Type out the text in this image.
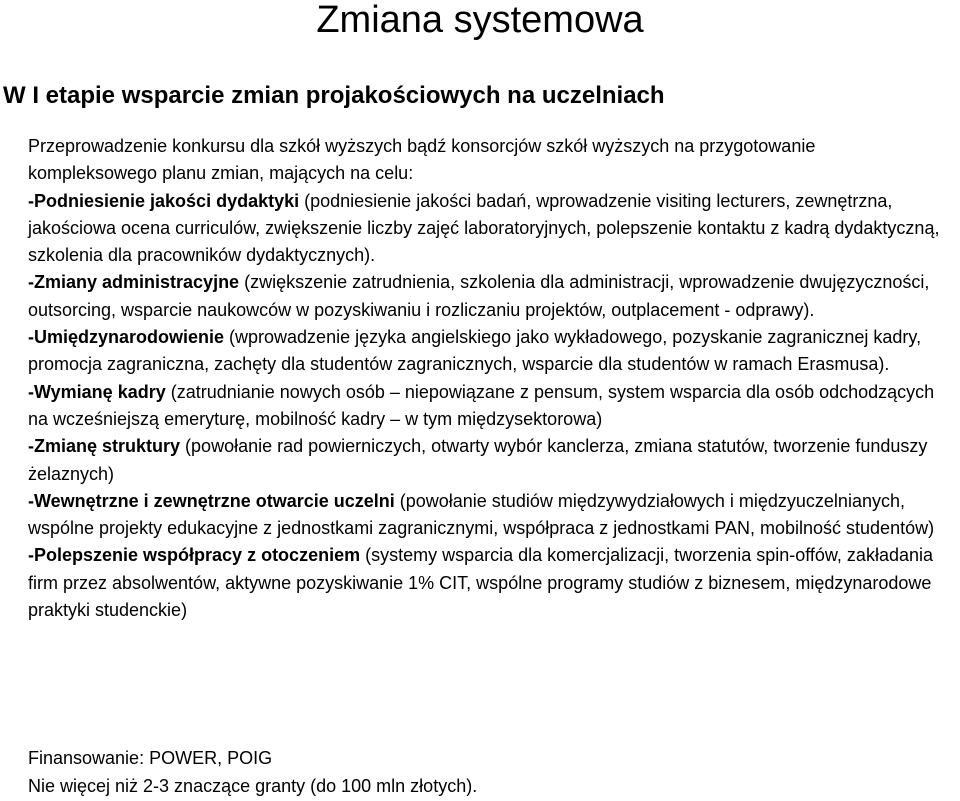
Zmiana systemowa
W I etapie wsparcie zmian projakościowych na uczelniach

Przeprowadzenie konkursu dla szkół wyższych bądź konsorcjów szkół wyższych na przygotowanie kompleksowego planu zmian, mających na celu:

-Podniesienie jakości dydaktyki (podniesienie jakości badań, wprowadzenie visiting lecturers, zewnętrzna, jakościowa ocena curriculów, zwiększenie liczby zajęć laboratoryjnych, polepszenie kontaktu z kadrą dydaktyczną, szkolenia dla pracowników dydaktycznych).

-Zmiany administracyjne (zwiększenie zatrudnienia, szkolenia dla administracji, wprowadzenie dwujęzyczności, outsorcing, wsparcie naukowców w pozyskiwaniu i rozliczaniu projektów, outplacement - odprawy).

-Umiędzynarodowienie (wprowadzenie języka angielskiego jako wykładowego, pozyskanie zagranicznej kadry, promocja zagraniczna, zachęty dla studentów zagranicznych, wsparcie dla studentów w ramach Erasmusa).

-Wymianę kadry (zatrudnianie nowych osób – niepowiązane z pensum, system wsparcia dla osób odchodzących na wcześniejszą emeryturę, mobilność kadry – w tym międzysektorowa)

-Zmianę struktury (powołanie rad powierniczych, otwarty wybór kanclerza, zmiana statutów, tworzenie funduszy żelaznych)

-Wewnętrzne i zewnętrzne otwarcie uczelni (powołanie studiów międzywydziałowych i międzyuczelnianych, wspólne projekty edukacyjne z jednostkami zagranicznymi, współpraca z jednostkami PAN, mobilność studentów)

-Polepszenie współpracy z otoczeniem (systemy wsparcia dla komercjalizacji, tworzenia spin-offów, zakładania firm przez absolwentów, aktywne pozyskiwanie 1% CIT, wspólne programy studiów z biznesem, międzynarodowe praktyki studenckie)

Finansowanie: POWER, POIG

Nie więcej niż 2-3 znaczące granty (do 100 mln złotych).
